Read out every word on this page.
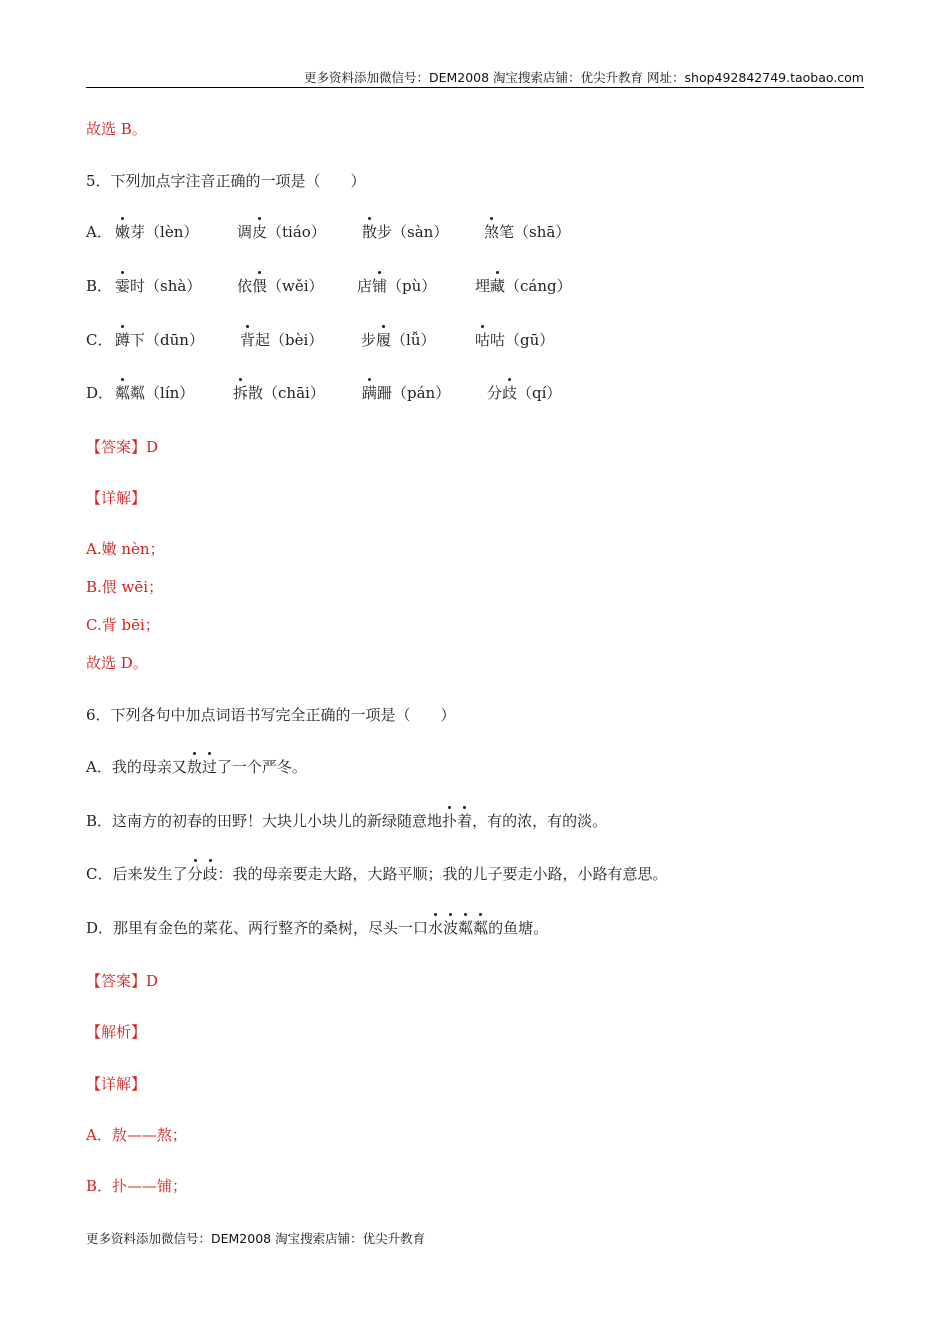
更多资料添加微信号：DEM2008 淘宝搜索店铺：优尖升教育 网址：shop492842749.taobao.com
故选 B。
5．下列加点字注音正确的一项是（　　）
A． 嫩芽（lèn）	调皮（tiáo） 散步（sàn） 煞笔（shā）
B． 霎时（shà） 依偎（wěi） 店铺（pù）	埋藏（cáng）
C． 蹲下（dūn） 背起（bèi）	步履（lǚ）	咕咕（gū）
D． 粼粼（lín）	拆散（chāi） 蹒跚（pán） 分歧（qí）
【答案】D
【详解】
A.嫩 nèn；
B.偎 wēi；
C.背 bēi；
故选 D。
6．下列各句中加点词语书写完全正确的一项是（　　）
A．我的母亲又敖过了一个严冬。
B．这南方的初春的田野！大块儿小块儿的新绿随意地扑着，有的浓，有的淡。
C．后来发生了分歧：我的母亲要走大路，大路平顺；我的儿子要走小路，小路有意思。
D．那里有金色的菜花、两行整齐的桑树，尽头一口水波粼粼的鱼塘。
【答案】D
【解析】
【详解】
A．敖——熬；
B．扑——铺；
更多资料添加微信号：DEM2008 淘宝搜索店铺：优尖升教育
